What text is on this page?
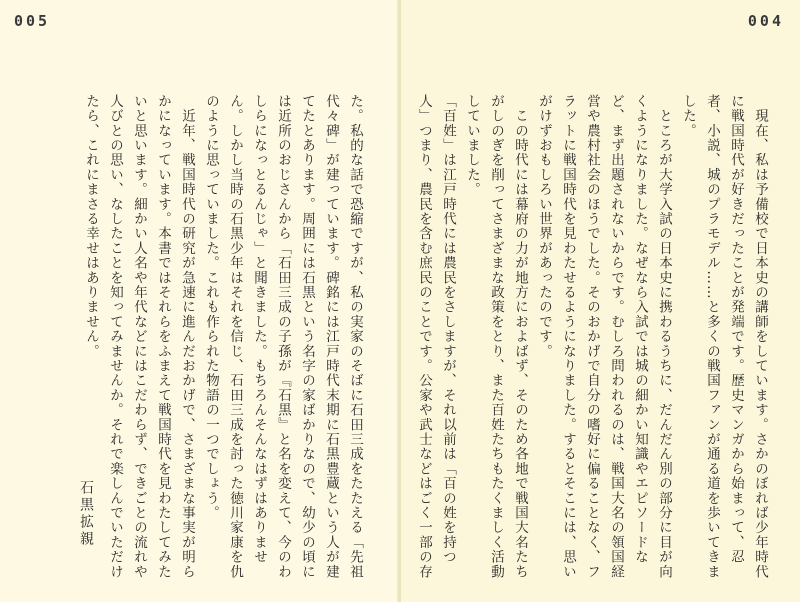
005
た。私的な話で恐縮ですが、私の実家のそばに石田三成をたたえる「先祖代々碑」が建っています。碑銘には江戸時代末期に石黒豊蔵という人が建てたとあります。周囲には石黒という名字の家ばかりなので、幼少の頃には近所のおじさんから「石田三成の子孫が『石黒』と名を変えて、今のわしらになっとるんじゃ」と聞きました。もちろんそんなはずはありません。しかし当時の石黒少年はそれを信じ、石田三成を討った徳川家康を仇のように思っていました。これも作られた物語の一つでしょう。
　近年、戦国時代の研究が急速に進んだおかげで、さまざまな事実が明らかになっています。本書ではそれらをふまえて戦国時代を見わたしてみたいと思います。細かい人名や年代などにはこだわらず、できごとの流れや人びとの思い、なしたことを知ってみませんか。それで楽しんでいただけたら、これにまさる幸せはありません。
石黒拡親
004
　現在、私は予備校で日本史の講師をしています。さかのぼれば少年時代に戦国時代が好きだったことが発端です。歴史マンガから始まって、忍者、小説、城のプラモデル……と多くの戦国ファンが通る道を歩いてきました。
　ところが大学入試の日本史に携わるうちに、だんだん別の部分に目が向くようになりました。なぜなら入試では城の細かい知識やエピソードなど、まず出題されないからです。むしろ問われるのは、戦国大名の領国経営や農村社会のほうでした。そのおかげで自分の嗜好に偏ることなく、フラットに戦国時代を見わたせるようになりました。するとそこには、思いがけずおもしろい世界があったのです。
　この時代には幕府の力が地方におよばず、そのため各地で戦国大名たちがしのぎを削ってさまざまな政策をとり、また百姓たちもたくましく活動していました。
「百姓」は江戸時代には農民をさしますが、それ以前は「百の姓を持つ人」つまり、農民を含む庶民のことです。公家や武士などはごく一部の存
